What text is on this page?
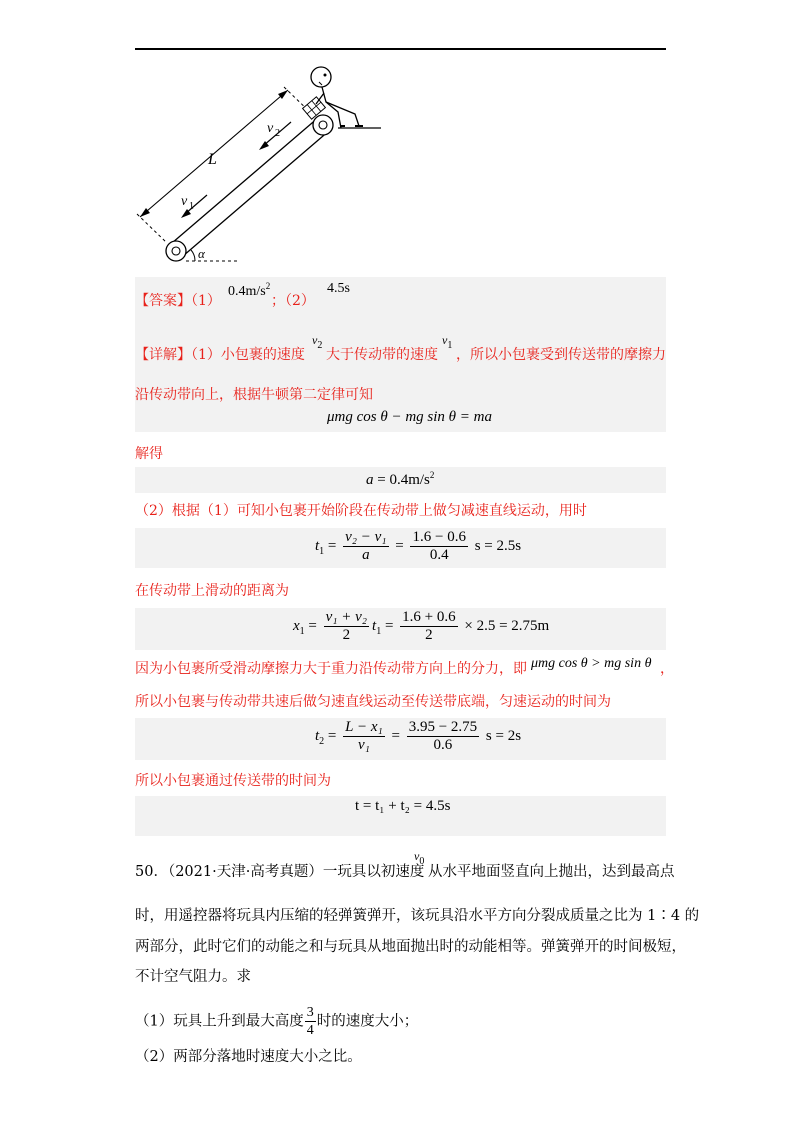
L
v 2
v 1
α
【答案】（1）
$0.4m/s^2$
；（2）
4.5s
【详解】（1）小包裹的速度
$v_2$
大于传动带的速度
$v_1$
，所以小包裹受到传送带的摩擦力
沿传动带向上，根据牛顿第二定律可知
μmg cos θ − mg sin θ = ma
解得
$a = 0.4m/s^2$
（2）根据（1）可知小包裹开始阶段在传动带上做匀减速直线运动，用时
$t_1 = \frac{\text{v₂ − v₁}}{a} = \frac{1.6 - 0.6}{0.4}$ s = 2.5s
在传动带上滑动的距离为
$x_1 = \frac{\text{v₁ + v₂}}{2} t_1 = \frac{1.6 + 0.6}{2} \times 2.5 = 2.75m$
因为小包裹所受滑动摩擦力大于重力沿传动带方向上的分力，即 μmg cos θ > mg sin θ ，
所以小包裹与传动带共速后做匀速直线运动至传送带底端，匀速运动的时间为
$t_2 = \frac{\text{L − x₁}}{\text{v₁}} = \frac{3.95 - 2.75}{0.6}$ s = 2s
所以小包裹通过传送带的时间为
t = t₁ + t₂ = 4.5s
50．（2021·天津·高考真题）一玩具以初速度
$v_0$
从水平地面竖直向上抛出，达到最高点
时，用遥控器将玩具内压缩的轻弹簧弹开，该玩具沿水平方向分裂成质量之比为 1∶4 的
两部分，此时它们的动能之和与玩具从地面抛出时的动能相等。弹簧弹开的时间极短，
不计空气阻力。求
（1）玩具上升到最大高度 $\frac{3}{4}$ 时的速度大小；
（2）两部分落地时速度大小之比。
